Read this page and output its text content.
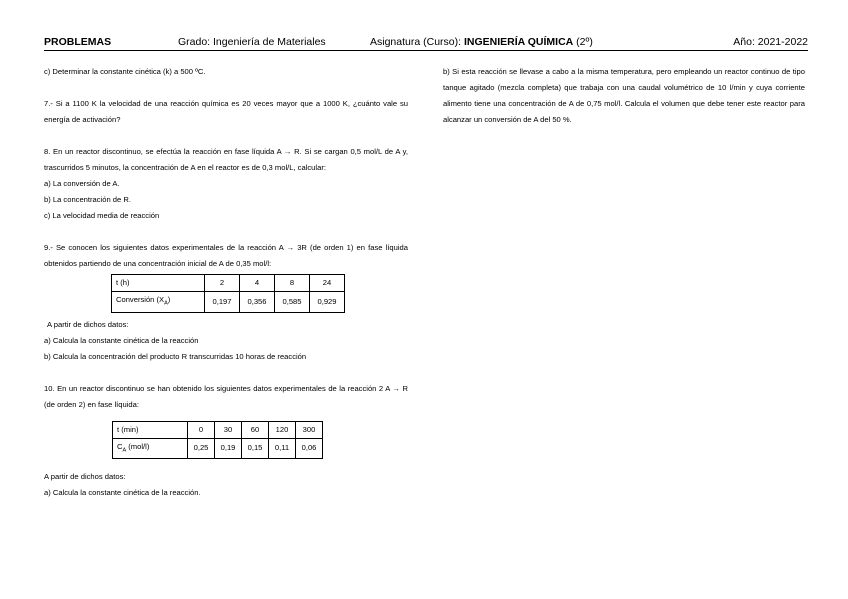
PROBLEMAS	Grado: Ingeniería de Materiales	Asignatura (Curso): INGENIERÍA QUÍMICA (2º)	Año: 2021-2022

c) Determinar la constante cinética (k) a 500 ºC.

7.- Si a 1100 K la velocidad de una reacción química es 20 veces mayor que a 1000 K, ¿cuánto vale su energía de activación?

8. En un reactor discontinuo, se efectúa la reacción en fase líquida A → R. Si se cargan 0,5 mol/L de A y, trascurridos 5 minutos, la concentración de A en el reactor es de 0,3 mol/L, calcular:

a) La conversión de A.

b) La concentración de R.

c) La velocidad media de reacción

9.- Se conocen los siguientes datos experimentales de la reacción A → 3R (de orden 1) en fase líquida obtenidos partiendo de una concentración inicial de A de 0,35 mol/l:

t (h)	2	4	8	24
Conversión $(X_A)$	0,197	0,356	0,585	0,929

A partir de dichos datos:

a) Calcula la constante cinética de la reacción

b) Calcula la concentración del producto R transcurridas 10 horas de reacción

10. En un reactor discontinuo se han obtenido los siguientes datos experimentales de la reacción 2 A → R (de orden 2) en fase líquida:

t (min)	0	30	60	120	300
$C_A$ (mol/l)	0,25	0,19	0,15	0,11	0,06

A partir de dichos datos:

a) Calcula la constante cinética de la reacción.

b) Si esta reacción se llevase a cabo a la misma temperatura, pero empleando un reactor continuo de tipo tanque agitado (mezcla completa) que trabaja con una caudal volumétrico de 10 l/min y cuya corriente alimento tiene una concentración de A de 0,75 mol/l. Calcula el volumen que debe tener este reactor para alcanzar un conversión de A del 50 %.
